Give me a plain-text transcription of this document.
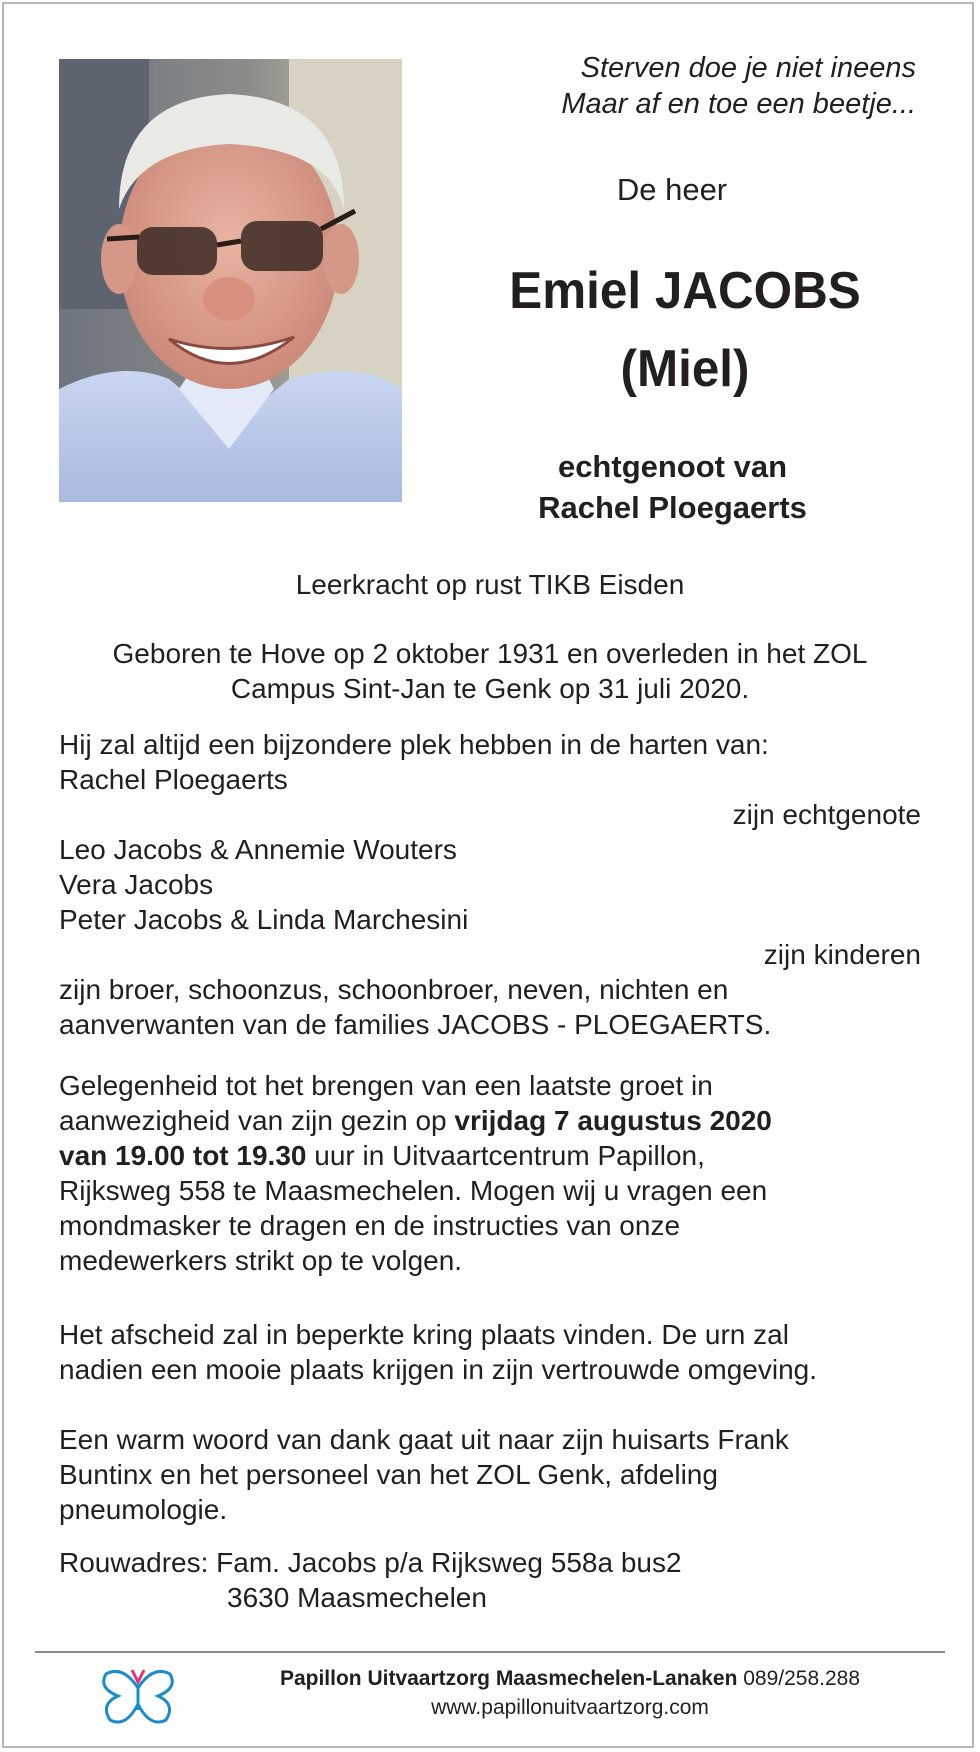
Sterven doe je niet ineens
Maar af en toe een beetje...
De heer
Emiel JACOBS
(Miel)
echtgenoot van
Rachel Ploegaerts
Leerkracht op rust TIKB Eisden
Geboren te Hove op 2 oktober 1931 en overleden in het ZOL
Campus Sint-Jan te Genk op 31 juli 2020.
Hij zal altijd een bijzondere plek hebben in de harten van:
Rachel Ploegaerts
zijn echtgenote
Leo Jacobs & Annemie Wouters
Vera Jacobs
Peter Jacobs & Linda Marchesini
zijn kinderen
zijn broer, schoonzus, schoonbroer, neven, nichten en
aanverwanten van de families JACOBS - PLOEGAERTS.
Gelegenheid tot het brengen van een laatste groet in
aanwezigheid van zijn gezin op vrijdag 7 augustus 2020
van 19.00 tot 19.30 uur in Uitvaartcentrum Papillon,
Rijksweg 558 te Maasmechelen. Mogen wij u vragen een
mondmasker te dragen en de instructies van onze
medewerkers strikt op te volgen.
Het afscheid zal in beperkte kring plaats vinden. De urn zal
nadien een mooie plaats krijgen in zijn vertrouwde omgeving.
Een warm woord van dank gaat uit naar zijn huisarts Frank
Buntinx en het personeel van het ZOL Genk, afdeling
pneumologie.
Rouwadres: Fam. Jacobs p/a Rijksweg 558a bus2
3630 Maasmechelen
Papillon Uitvaartzorg Maasmechelen-Lanaken 089/258.288
www.papillonuitvaartzorg.com
